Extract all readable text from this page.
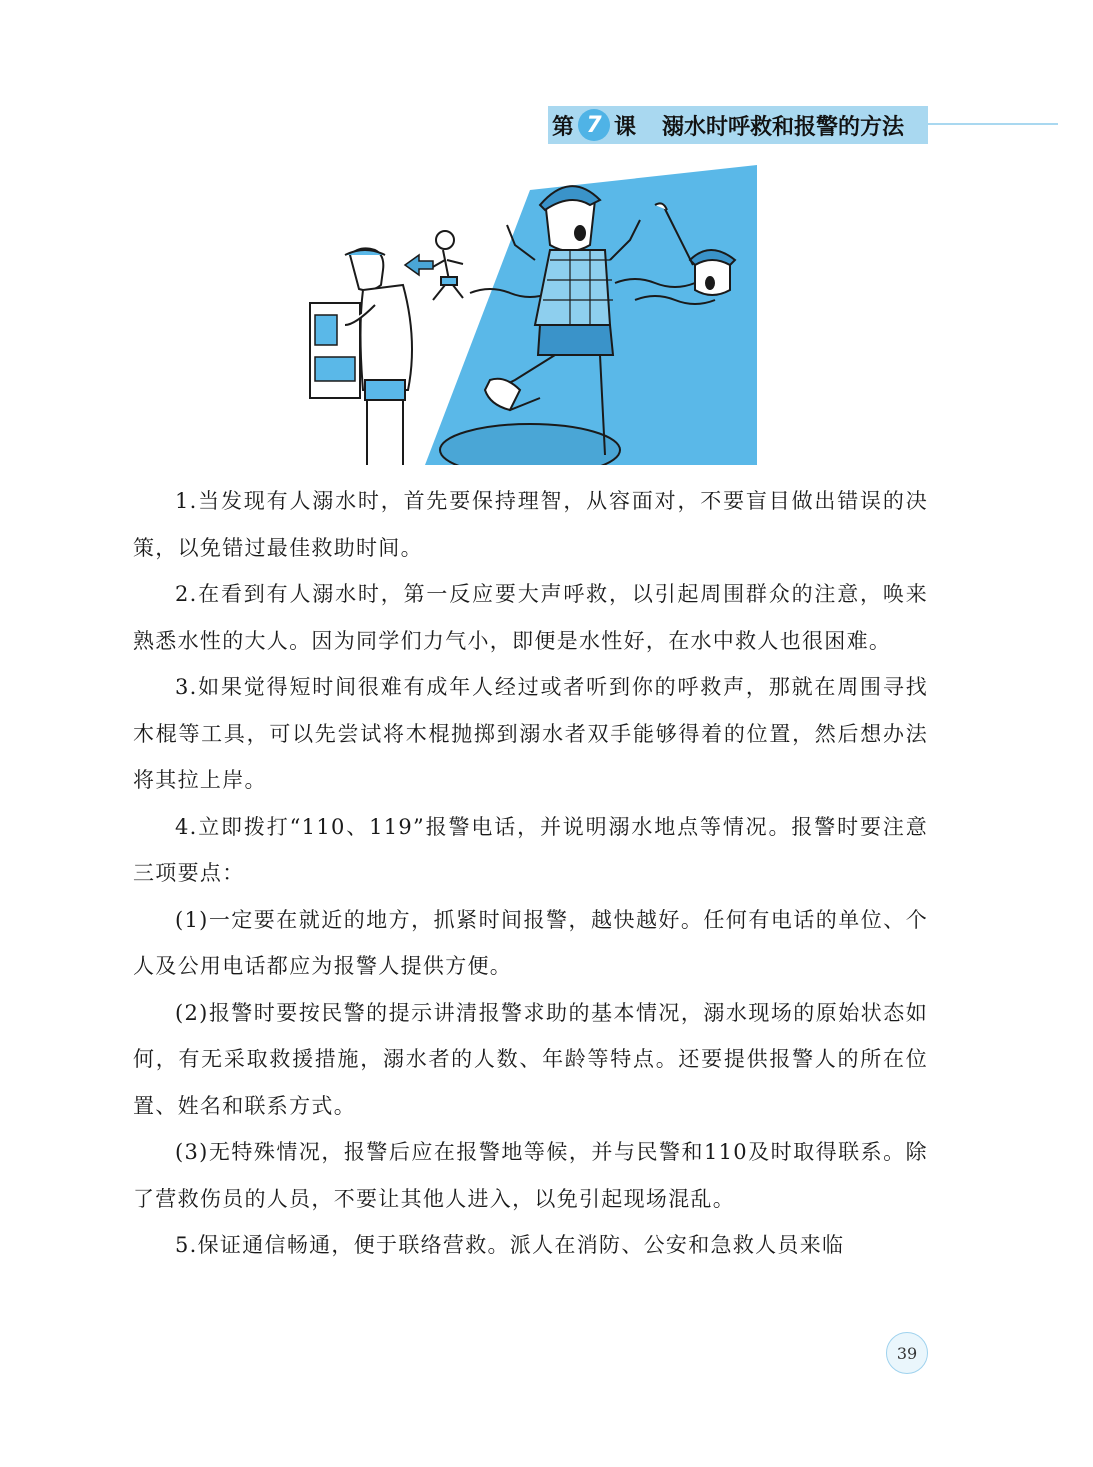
第 7 课 溺水时呼救和报警的方法

1.当发现有人溺水时，首先要保持理智，从容面对，不要盲目做出错误的决策，以免错过最佳救助时间。

2.在看到有人溺水时，第一反应要大声呼救，以引起周围群众的注意，唤来熟悉水性的大人。因为同学们力气小，即便是水性好，在水中救人也很困难。

3.如果觉得短时间很难有成年人经过或者听到你的呼救声，那就在周围寻找木棍等工具，可以先尝试将木棍抛掷到溺水者双手能够得着的位置，然后想办法将其拉上岸。

4.立即拨打“110、119”报警电话，并说明溺水地点等情况。报警时要注意三项要点：

(1)一定要在就近的地方，抓紧时间报警，越快越好。任何有电话的单位、个人及公用电话都应为报警人提供方便。

(2)报警时要按民警的提示讲清报警求助的基本情况，溺水现场的原始状态如何，有无采取救援措施，溺水者的人数、年龄等特点。还要提供报警人的所在位置、姓名和联系方式。

(3)无特殊情况，报警后应在报警地等候，并与民警和110及时取得联系。除了营救伤员的人员，不要让其他人进入，以免引起现场混乱。

5.保证通信畅通，便于联络营救。派人在消防、公安和急救人员来临

39
